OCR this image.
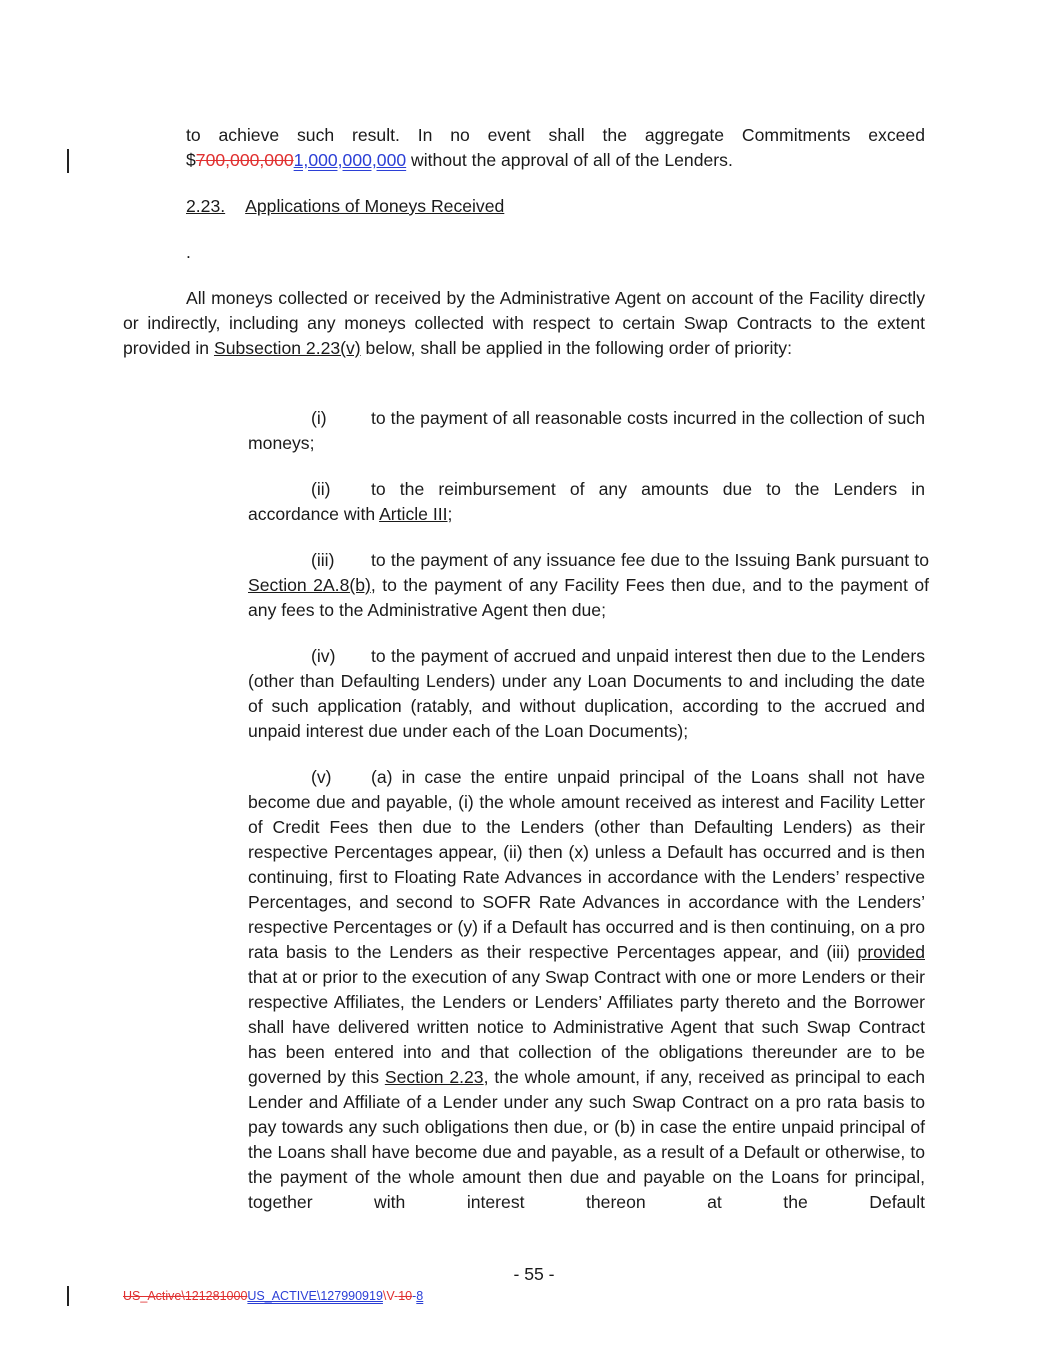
to achieve such result. In no event shall the aggregate Commitments exceed

$700,000,0001,000,000,000 without the approval of all of the Lenders.

2.23. Applications of Moneys Received

.

All moneys collected or received by the Administrative Agent on account of the Facility directly or indirectly, including any moneys collected with respect to certain Swap Contracts to the extent provided in Subsection 2.23(v) below, shall be applied in the following order of priority:

(i)	to the payment of all reasonable costs incurred in the collection of such moneys;

(ii) to the reimbursement of any amounts due to the Lenders in accordance with Article III;

(iii) to the payment of any issuance fee due to the Issuing Bank pursuant to Section 2A.8(b), to the payment of any Facility Fees then due, and to the payment of any fees to the Administrative Agent then due;

(iv) to the payment of accrued and unpaid interest then due to the Lenders (other than Defaulting Lenders) under any Loan Documents to and including the date of such application (ratably, and without duplication, according to the accrued and unpaid interest due under each of the Loan Documents);

(v) (a) in case the entire unpaid principal of the Loans shall not have become due and payable, (i) the whole amount received as interest and Facility Letter of Credit Fees then due to the Lenders (other than Defaulting Lenders) as their respective Percentages appear, (ii) then (x) unless a Default has occurred and is then continuing, first to Floating Rate Advances in accordance with the Lenders’ respective Percentages, and second to SOFR Rate Advances in accordance with the Lenders’ respective Percentages or (y) if a Default has occurred and is then continuing, on a pro rata basis to the Lenders as their respective Percentages appear, and (iii) provided that at or prior to the execution of any Swap Contract with one or more Lenders or their respective Affiliates, the Lenders or Lenders’ Affiliates party thereto and the Borrower shall have delivered written notice to Administrative Agent that such Swap Contract has been entered into and that collection of the obligations thereunder are to be governed by this Section 2.23, the whole amount, if any, received as principal to each Lender and Affiliate of a Lender under any such Swap Contract on a pro rata basis to pay towards any such obligations then due, or (b) in case the entire unpaid principal of the Loans shall have become due and payable, as a result of a Default or otherwise, to the payment of the whole amount then due and payable on the Loans for principal, together with interest thereon at the Default

- 55 -
US_Active\121281000US_ACTIVE\127990919\V-10-8
